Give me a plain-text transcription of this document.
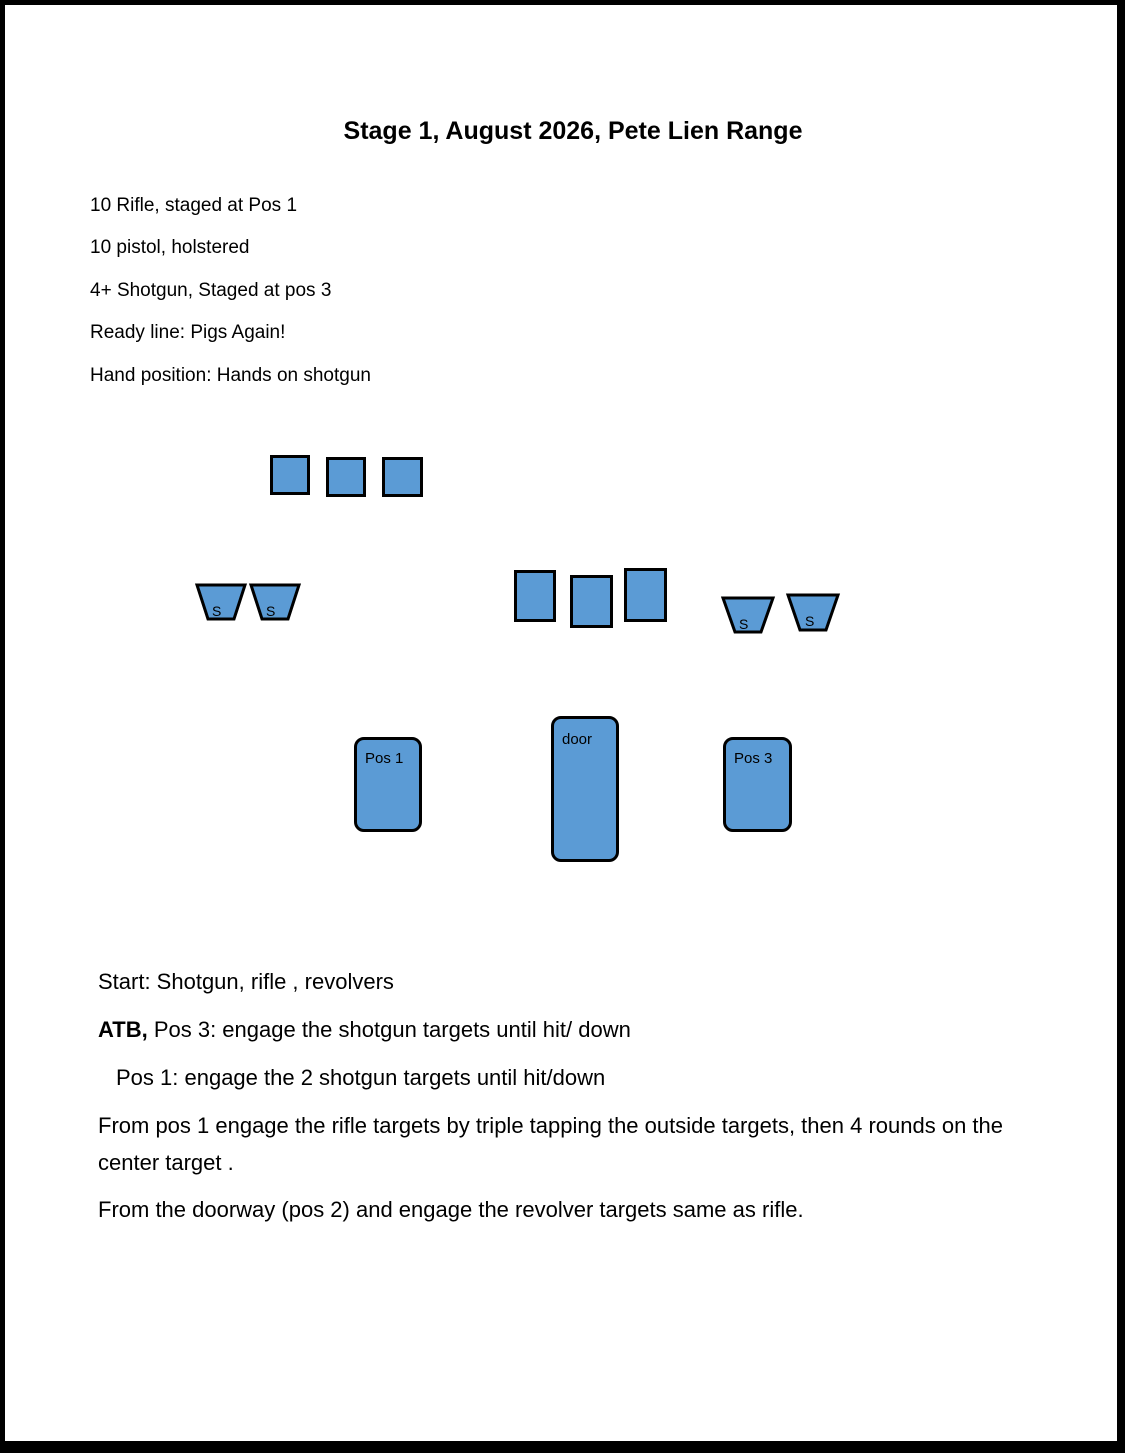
Stage 1, August 2026, Pete Lien Range
10 Rifle, staged at Pos 1
10 pistol, holstered
4+ Shotgun, Staged at pos 3
Ready line: Pigs Again!
Hand position: Hands on shotgun
S	S
S	S
Pos 1
door
Pos 3
Start: Shotgun, rifle , revolvers
ATB, Pos 3: engage the shotgun targets until hit/ down
Pos 1: engage the 2 shotgun targets until hit/down
From pos 1 engage the rifle targets by triple tapping the outside targets, then 4 rounds on the center target .
From the doorway (pos 2) and engage the revolver targets same as rifle.
